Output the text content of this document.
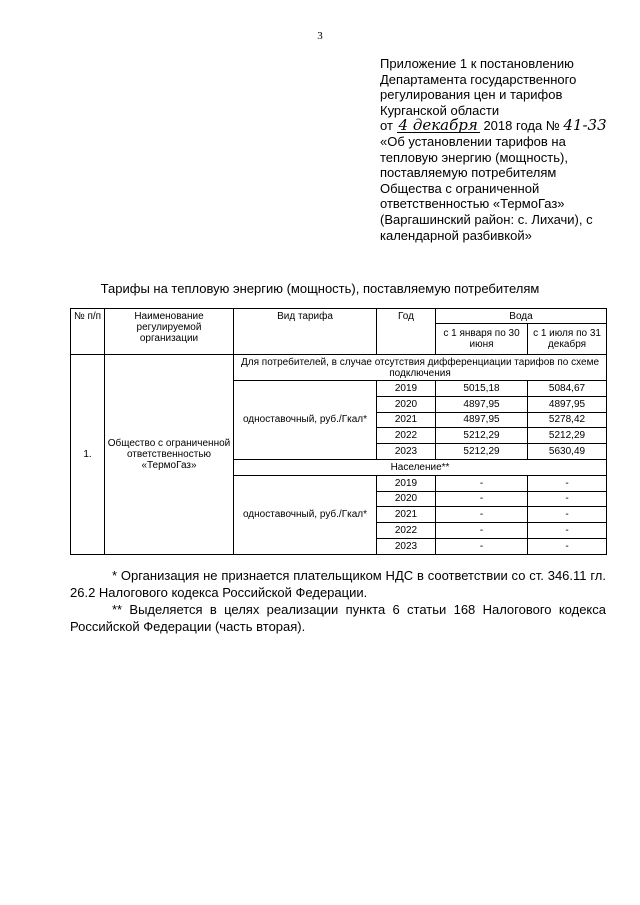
3
Приложение 1 к постановлению
Департамента государственного
регулирования цен и тарифов
Курганской области
от 4 декабря 2018 года № 41-33
«Об установлении тарифов на
тепловую энергию (мощность),
поставляемую потребителям
Общества с ограниченной
ответственностью «ТермоГаз»
(Варгашинский район: с. Лихачи), с
календарной разбивкой»
Тарифы на тепловую энергию (мощность), поставляемую потребителям
№ п/п	Наименование регулируемой организации	Вид тарифа	Год	Вода	
				с 1 января по 30 июня	с 1 июля по 31 декабря
1.	Общество с ограниченной ответственностью «ТермоГаз»	Для потребителей, в случае отсутствия дифференциации тарифов по схеме подключения			
		одноставочный, руб./Гкал*	2019	5015,18	5084,67
			2020	4897,95	4897,95
			2021	4897,95	5278,42
			2022	5212,29	5212,29
			2023	5212,29	5630,49
		Население**			
		одноставочный, руб./Гкал*	2019	-	-
			2020	-	-
			2021	-	-
			2022	-	-
			2023	-	-

* Организация не признается плательщиком НДС в соответствии со ст. 346.11 гл. 26.2 Налогового кодекса Российской Федерации.

** Выделяется в целях реализации пункта 6 статьи 168 Налогового кодекса Российской Федерации (часть вторая).
